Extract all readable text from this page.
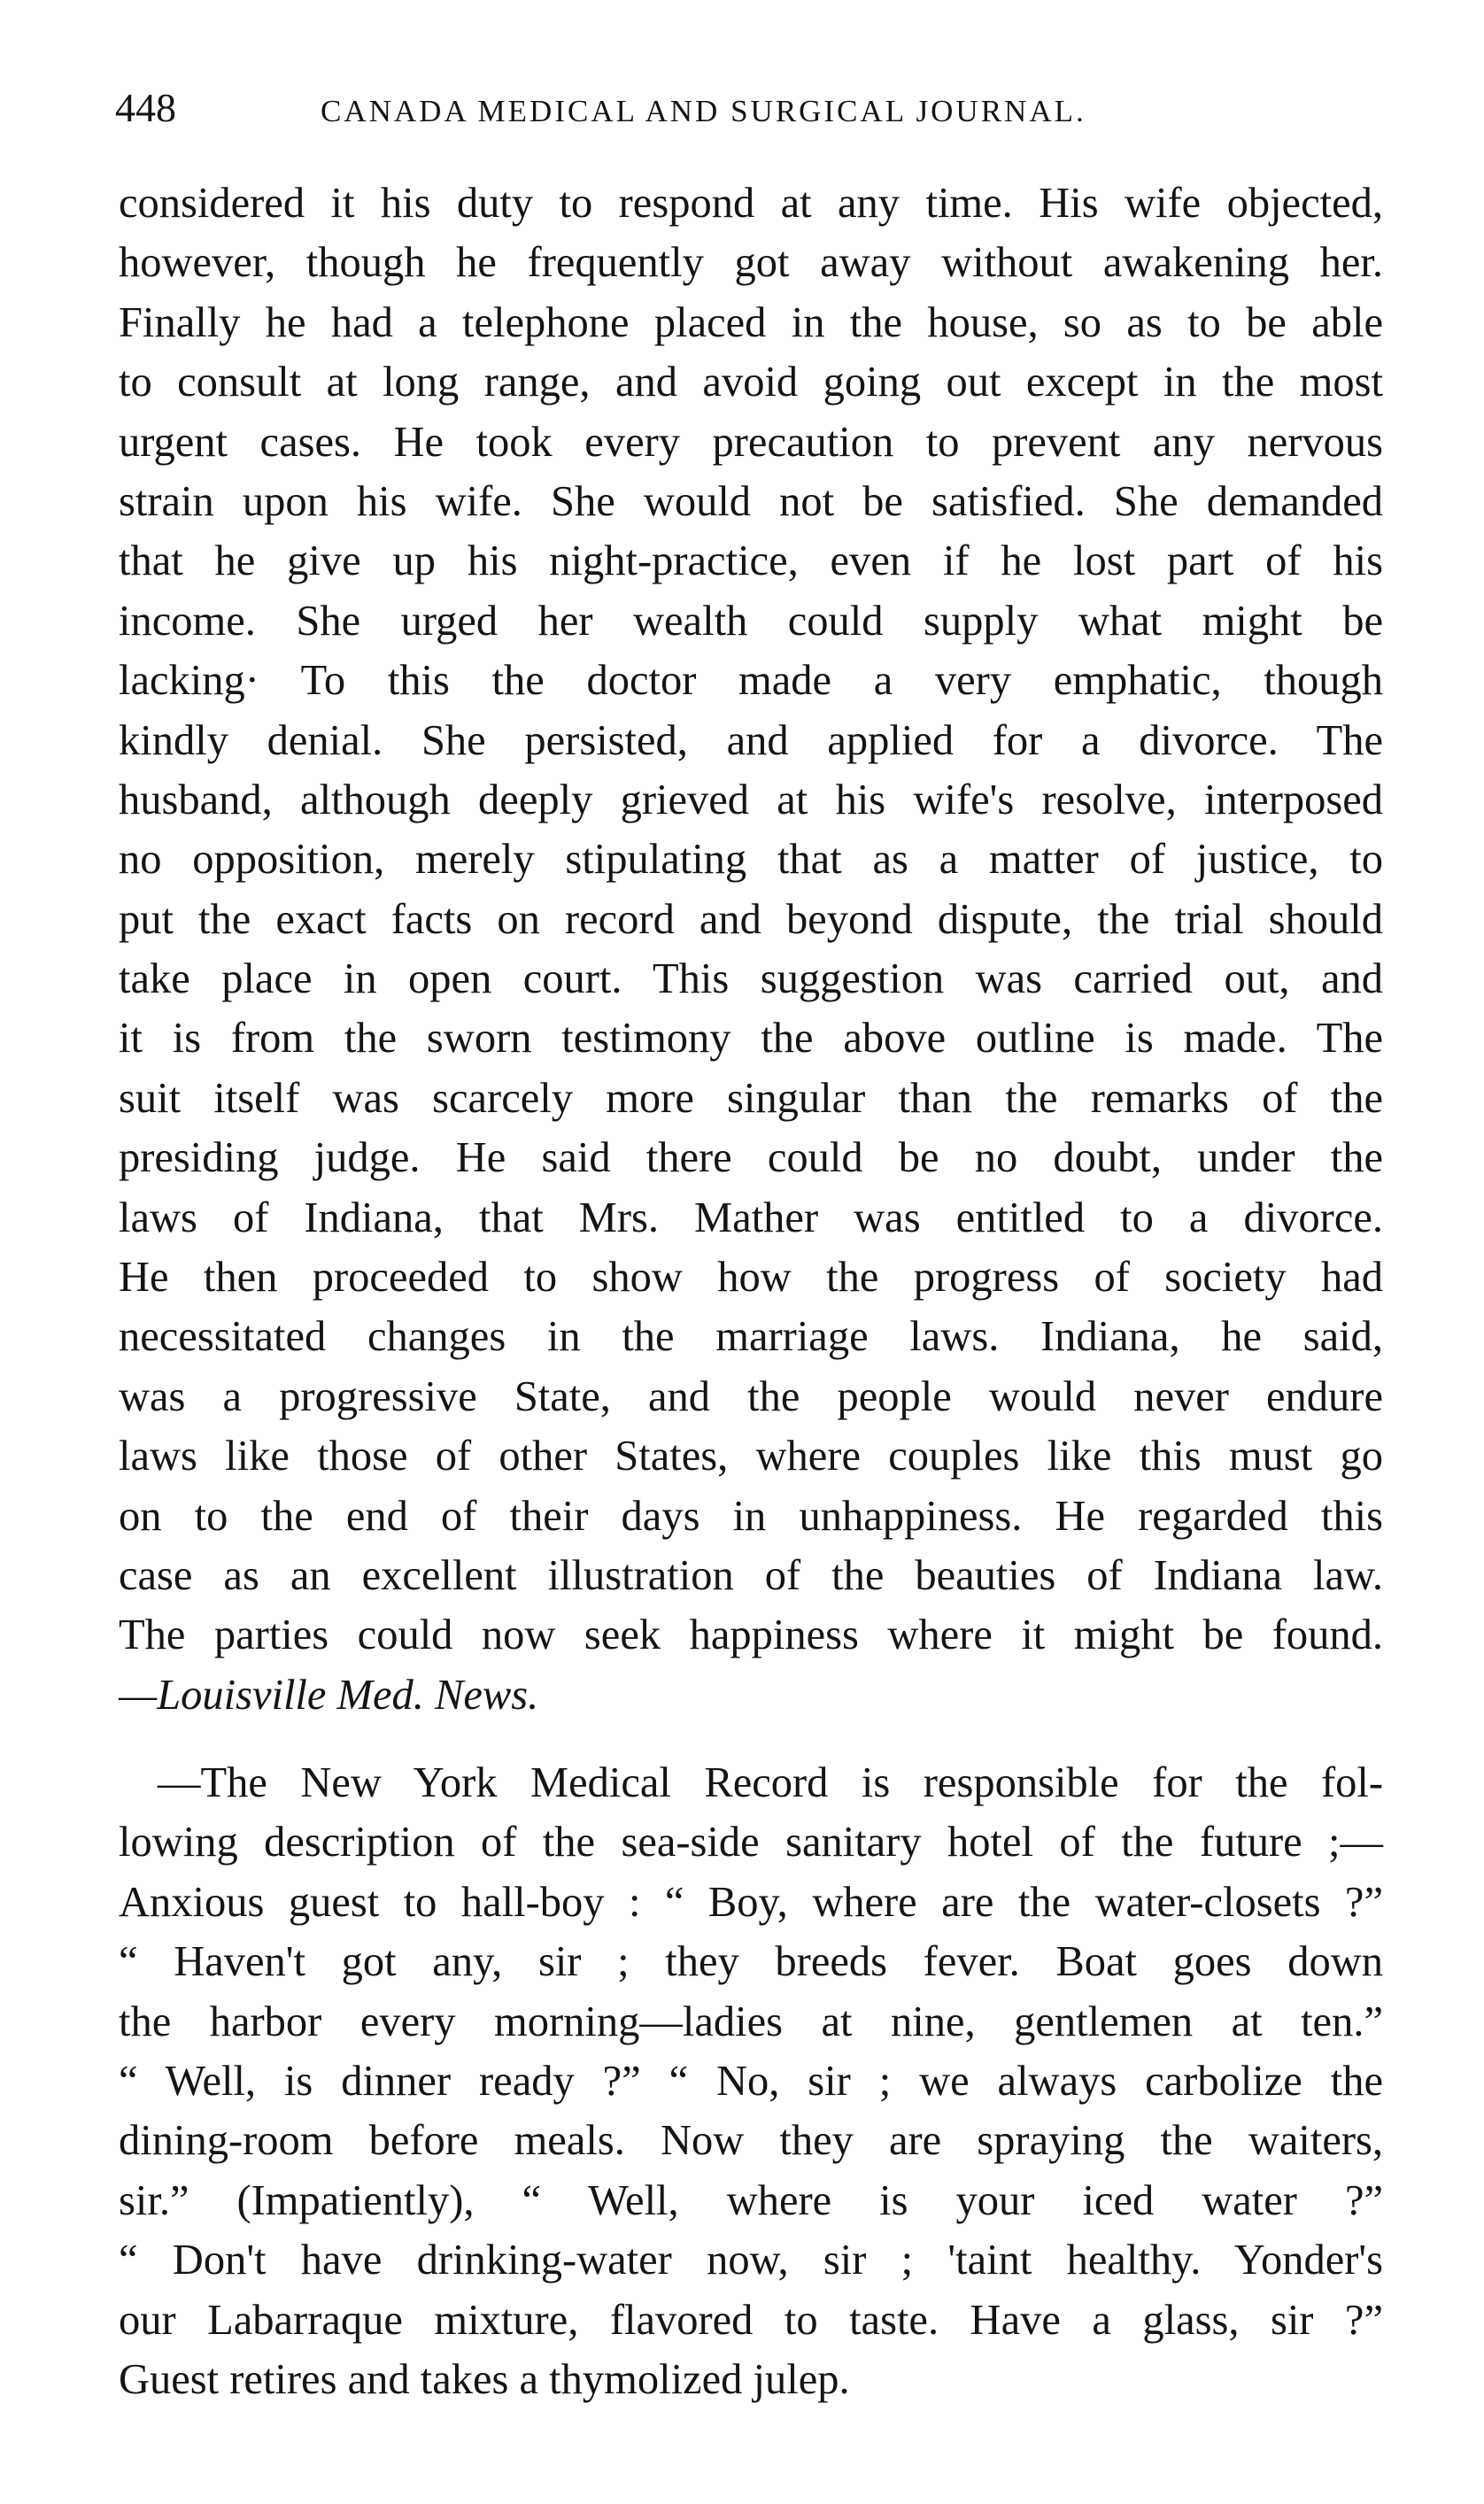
448	CANADA MEDICAL AND SURGICAL JOURNAL.
considered it his duty to respond at any time. His wife objected,
however, though he frequently got away without awakening her.
Finally he had a telephone placed in the house, so as to be able
to consult at long range, and avoid going out except in the most
urgent cases. He took every precaution to prevent any nervous
strain upon his wife. She would not be satisfied. She demanded
that he give up his night-practice, even if he lost part of his
income. She urged her wealth could supply what might be
lacking· To this the doctor made a very emphatic, though
kindly denial. She persisted, and applied for a divorce. The
husband, although deeply grieved at his wife's resolve, interposed
no opposition, merely stipulating that as a matter of justice, to
put the exact facts on record and beyond dispute, the trial should
take place in open court. This suggestion was carried out, and
it is from the sworn testimony the above outline is made. The
suit itself was scarcely more singular than the remarks of the
presiding judge. He said there could be no doubt, under the
laws of Indiana, that Mrs. Mather was entitled to a divorce.
He then proceeded to show how the progress of society had
necessitated changes in the marriage laws. Indiana, he said,
was a progressive State, and the people would never endure
laws like those of other States, where couples like this must go
on to the end of their days in unhappiness. He regarded this
case as an excellent illustration of the beauties of Indiana law.
The parties could now seek happiness where it might be found.
—Louisville Med. News.
—The New York Medical Record is responsible for the fol-
lowing description of the sea-side sanitary hotel of the future ;—
Anxious guest to hall-boy : “ Boy, where are the water-closets ?”
“ Haven't got any, sir ; they breeds fever. Boat goes down
the harbor every morning—ladies at nine, gentlemen at ten.”
“ Well, is dinner ready ?” “ No, sir ; we always carbolize the
dining-room before meals. Now they are spraying the waiters,
sir.” (Impatiently), “ Well, where is your iced water ?”
“ Don't have drinking-water now, sir ; 'taint healthy. Yonder's
our Labarraque mixture, flavored to taste. Have a glass, sir ?”
Guest retires and takes a thymolized julep.
